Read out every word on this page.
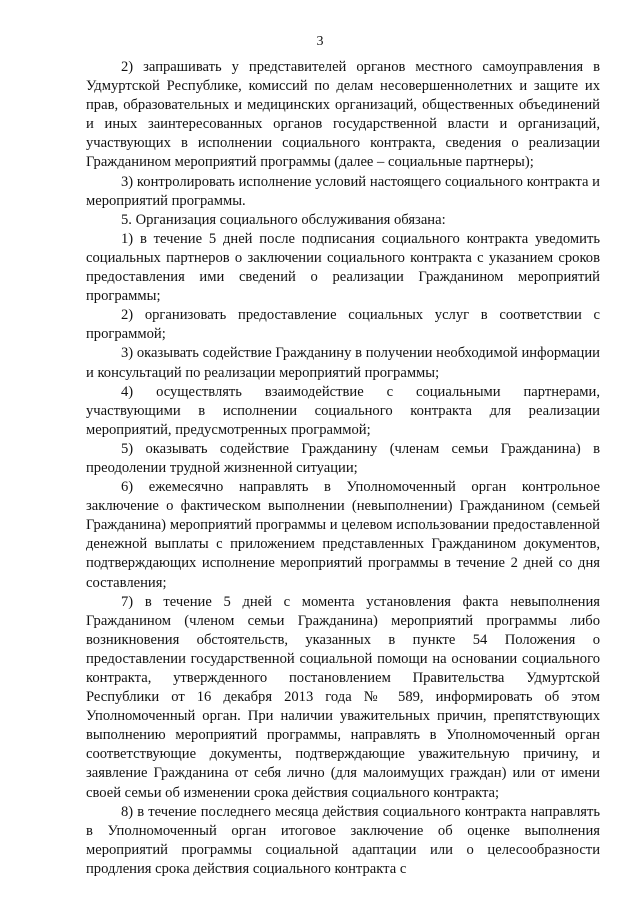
3

2) запрашивать у представителей органов местного самоуправления в Удмуртской Республике, комиссий по делам несовершеннолетних и защите их прав, образовательных и медицинских организаций, общественных объединений и иных заинтересованных органов государственной власти и организаций, участвующих в исполнении социального контракта, сведения о реализации Гражданином мероприятий программы (далее – социальные партнеры);

3) контролировать исполнение условий настоящего социального контракта и мероприятий программы.

5. Организация социального обслуживания обязана:

1) в течение 5 дней после подписания социального контракта уведомить социальных партнеров о заключении социального контракта с указанием сроков предоставления ими сведений о реализации Гражданином мероприятий программы;

2) организовать предоставление социальных услуг в соответствии с программой;

3) оказывать содействие Гражданину в получении необходимой информации и консультаций по реализации мероприятий программы;

4) осуществлять взаимодействие с социальными партнерами, участвующими в исполнении социального контракта для реализации мероприятий, предусмотренных программой;

5) оказывать содействие Гражданину (членам семьи Гражданина) в преодолении трудной жизненной ситуации;

6) ежемесячно направлять в Уполномоченный орган контрольное заключение о фактическом выполнении (невыполнении) Гражданином (семьей Гражданина) мероприятий программы и целевом использовании предоставленной денежной выплаты с приложением представленных Гражданином документов, подтверждающих исполнение мероприятий программы в течение 2 дней со дня составления;

7) в течение 5 дней с момента установления факта невыполнения Гражданином (членом семьи Гражданина) мероприятий программы либо возникновения обстоятельств, указанных в пункте 54 Положения о предоставлении государственной социальной помощи на основании социального контракта, утвержденного постановлением Правительства Удмуртской Республики от 16 декабря 2013 года № 589, информировать об этом Уполномоченный орган. При наличии уважительных причин, препятствующих выполнению мероприятий программы, направлять в Уполномоченный орган соответствующие документы, подтверждающие уважительную причину, и заявление Гражданина от себя лично (для малоимущих граждан) или от имени своей семьи об изменении срока действия социального контракта;

8) в течение последнего месяца действия социального контракта направлять в Уполномоченный орган итоговое заключение об оценке выполнения мероприятий программы социальной адаптации или о целесообразности продления срока действия социального контракта с
